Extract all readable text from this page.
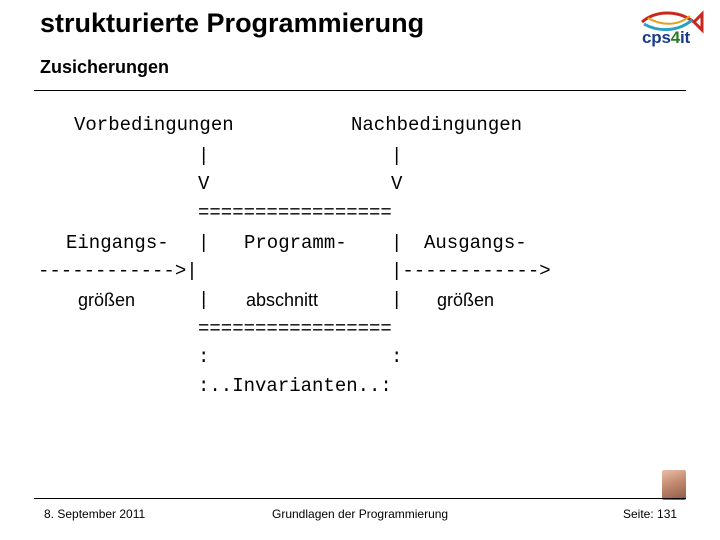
strukturierte Programmierung
Zusicherungen
cps4it
Vorbedingungen	Nachbedingungen
|	|
V	V
=================
Eingangs- | Programm- | Ausgangs-
------------>|	|------------>
größen	| abschnitt	| größen
=================
:	:
:..Invarianten..:
8. September 2011	Grundlagen der Programmierung	Seite: 131
